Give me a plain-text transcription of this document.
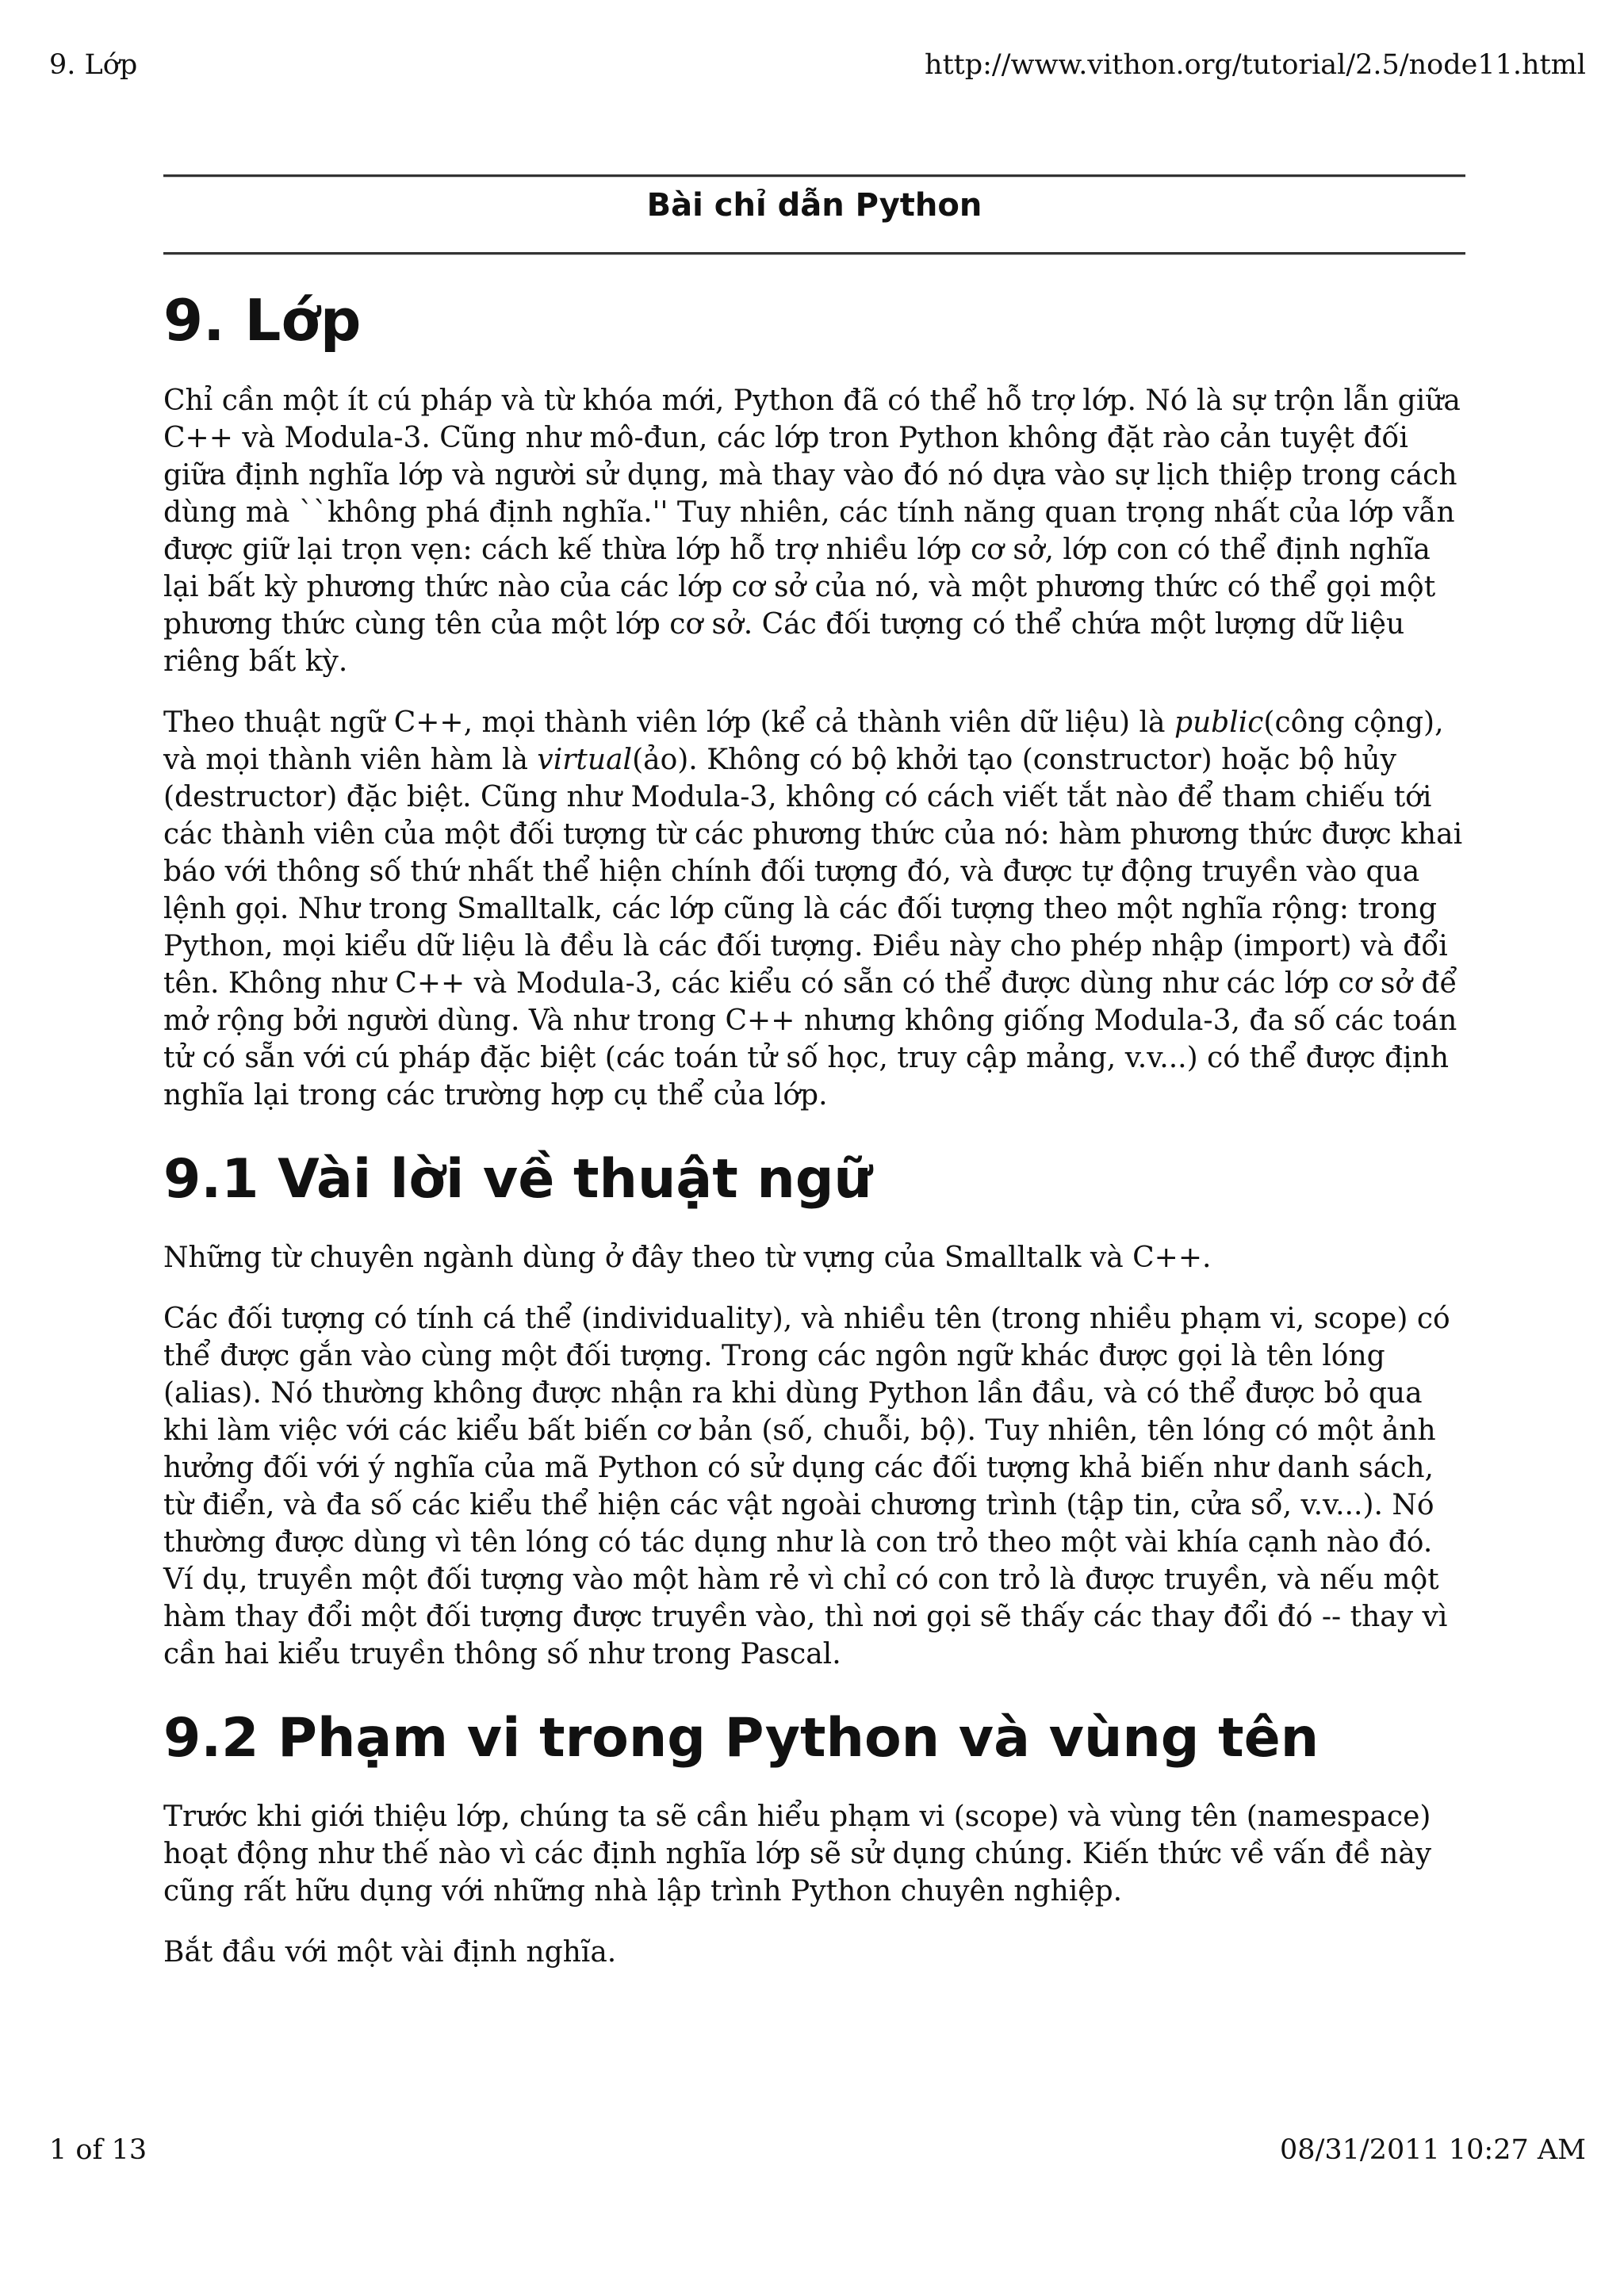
9. Lớp	http://www.vithon.org/tutorial/2.5/node11.html
Bài chỉ dẫn Python
9. Lớp

Chỉ cần một ít cú pháp và từ khóa mới, Python đã có thể hỗ trợ lớp. Nó là sự trộn lẫn giữa C++ và Modula-3. Cũng như mô-đun, các lớp tron Python không đặt rào cản tuyệt đối giữa định nghĩa lớp và người sử dụng, mà thay vào đó nó dựa vào sự lịch thiệp trong cách dùng mà ``không phá định nghĩa.'' Tuy nhiên, các tính năng quan trọng nhất của lớp vẫn được giữ lại trọn vẹn: cách kế thừa lớp hỗ trợ nhiều lớp cơ sở, lớp con có thể định nghĩa lại bất kỳ phương thức nào của các lớp cơ sở của nó, và một phương thức có thể gọi một phương thức cùng tên của một lớp cơ sở. Các đối tượng có thể chứa một lượng dữ liệu riêng bất kỳ.

Theo thuật ngữ C++, mọi thành viên lớp (kể cả thành viên dữ liệu) là public(công cộng), và mọi thành viên hàm là virtual(ảo). Không có bộ khởi tạo (constructor) hoặc bộ hủy (destructor) đặc biệt. Cũng như Modula-3, không có cách viết tắt nào để tham chiếu tới các thành viên của một đối tượng từ các phương thức của nó: hàm phương thức được khai báo với thông số thứ nhất thể hiện chính đối tượng đó, và được tự động truyền vào qua lệnh gọi. Như trong Smalltalk, các lớp cũng là các đối tượng theo một nghĩa rộng: trong Python, mọi kiểu dữ liệu là đều là các đối tượng. Điều này cho phép nhập (import) và đổi tên. Không như C++ và Modula-3, các kiểu có sẵn có thể được dùng như các lớp cơ sở để mở rộng bởi người dùng. Và như trong C++ nhưng không giống Modula-3, đa số các toán tử có sẵn với cú pháp đặc biệt (các toán tử số học, truy cập mảng, v.v...) có thể được định nghĩa lại trong các trường hợp cụ thể của lớp.

9.1 Vài lời về thuật ngữ

Những từ chuyên ngành dùng ở đây theo từ vựng của Smalltalk và C++.

Các đối tượng có tính cá thể (individuality), và nhiều tên (trong nhiều phạm vi, scope) có thể được gắn vào cùng một đối tượng. Trong các ngôn ngữ khác được gọi là tên lóng (alias). Nó thường không được nhận ra khi dùng Python lần đầu, và có thể được bỏ qua khi làm việc với các kiểu bất biến cơ bản (số, chuỗi, bộ). Tuy nhiên, tên lóng có một ảnh hưởng đối với ý nghĩa của mã Python có sử dụng các đối tượng khả biến như danh sách, từ điển, và đa số các kiểu thể hiện các vật ngoài chương trình (tập tin, cửa sổ, v.v...). Nó thường được dùng vì tên lóng có tác dụng như là con trỏ theo một vài khía cạnh nào đó. Ví dụ, truyền một đối tượng vào một hàm rẻ vì chỉ có con trỏ là được truyền, và nếu một hàm thay đổi một đối tượng được truyền vào, thì nơi gọi sẽ thấy các thay đổi đó -- thay vì cần hai kiểu truyền thông số như trong Pascal.

9.2 Phạm vi trong Python và vùng tên

Trước khi giới thiệu lớp, chúng ta sẽ cần hiểu phạm vi (scope) và vùng tên (namespace) hoạt động như thế nào vì các định nghĩa lớp sẽ sử dụng chúng. Kiến thức về vấn đề này cũng rất hữu dụng với những nhà lập trình Python chuyên nghiệp.

Bắt đầu với một vài định nghĩa.

1 of 13	08/31/2011 10:27 AM
